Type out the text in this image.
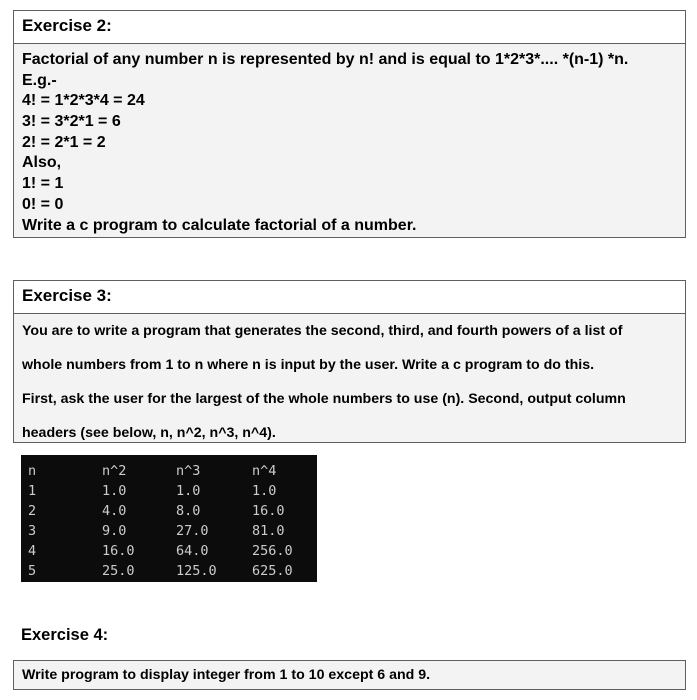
Exercise 2:
Factorial of any number n is represented by n! and is equal to 1*2*3*.... *(n-1) *n.
E.g.-
4! = 1*2*3*4 = 24
3! = 3*2*1 = 6
2! = 2*1 = 2
Also,
1! = 1
0! = 0
Write a c program to calculate factorial of a number.
Exercise 3:
You are to write a program that generates the second, third, and fourth powers of a list of
whole numbers from 1 to n where n is input by the user. Write a c program to do this.
First, ask the user for the largest of the whole numbers to use (n). Second, output column
headers (see below, n, n^2, n^3, n^4).
n	n^2	n^3	n^4
1	1.0	1.0	1.0
2	4.0	8.0	16.0
3	9.0	27.0	81.0
4	16.0	64.0	256.0
5	25.0	125.0	625.0
Exercise 4:
Write program to display integer from 1 to 10 except 6 and 9.
